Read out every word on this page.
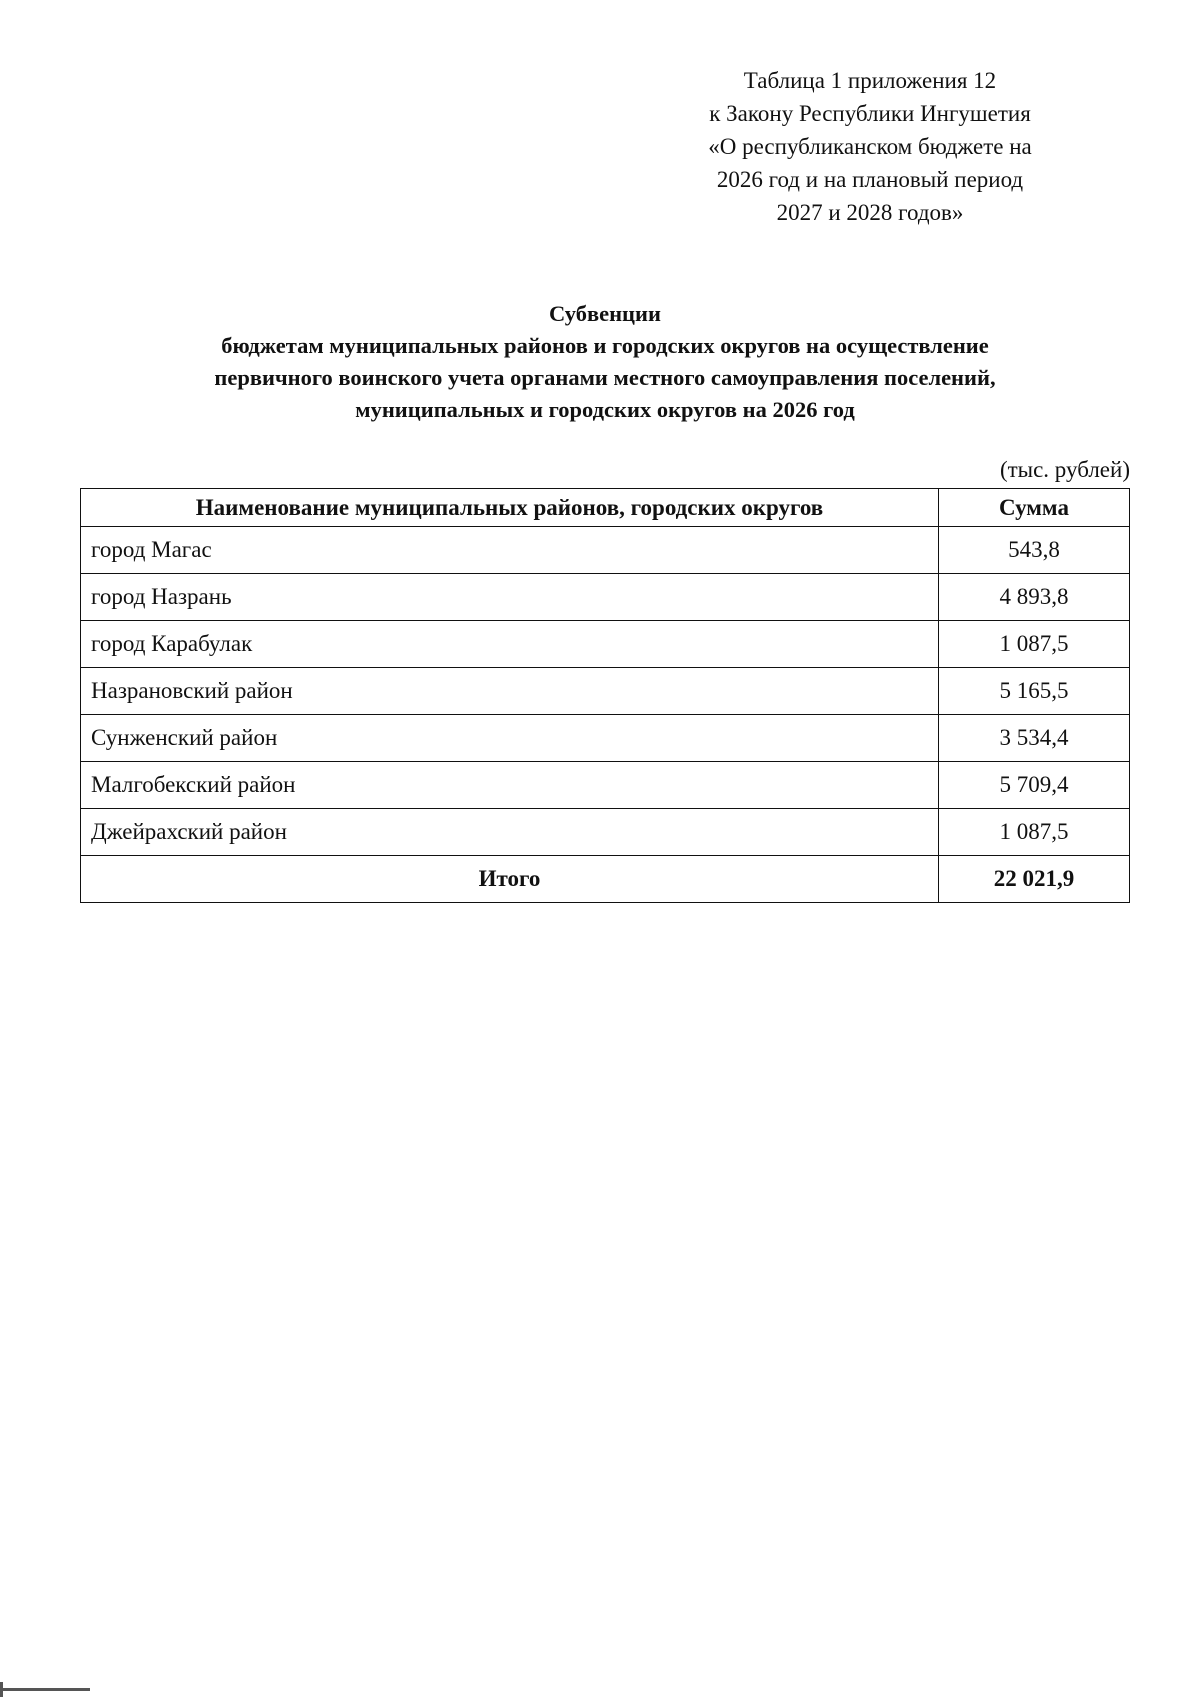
Таблица 1 приложения 12
к Закону Республики Ингушетия
«О республиканском бюджете на
2026 год и на плановый период
2027 и 2028 годов»
Субвенции
бюджетам муниципальных районов и городских округов на осуществление
первичного воинского учета органами местного самоуправления поселений,
муниципальных и городских округов на 2026 год
(тыс. рублей)
Наименование муниципальных районов, городских округов	Сумма
город Магас	543,8
город Назрань	4 893,8
город Карабулак	1 087,5
Назрановский район	5 165,5
Сунженский район	3 534,4
Малгобекский район	5 709,4
Джейрахский район	1 087,5
Итого	22 021,9
